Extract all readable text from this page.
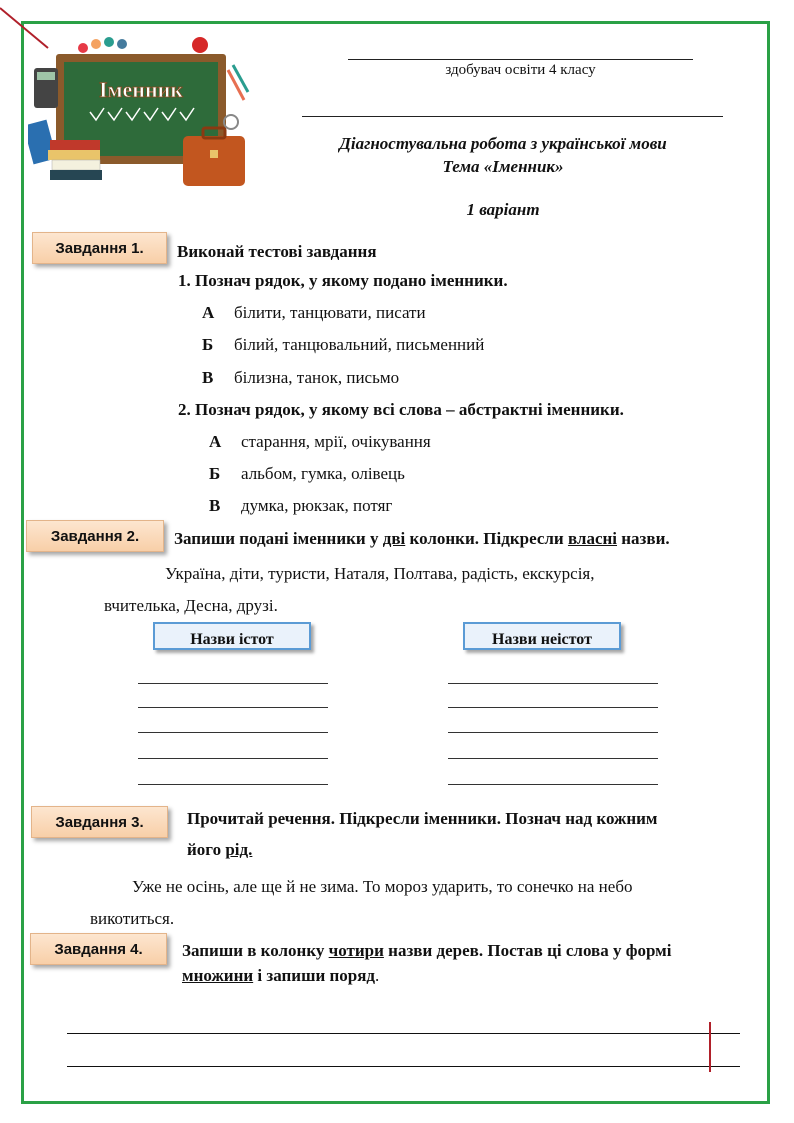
Іменник
здобувач освіти 4 класу
Діагностувальна робота з української мови
Тема «Іменник»
1 варіант
Завдання 1.	Виконай тестові завдання
1. Познач рядок, у якому подано іменники.
А білити, танцювати, писати
Б білий, танцювальний, письменний
В білизна, танок, письмо
2. Познач рядок, у якому всі слова – абстрактні іменники.
А старання, мрії, очікування
Б альбом, гумка, олівець
В думка, рюкзак, потяг
Завдання 2.	Запиши подані іменники у дві колонки. Підкресли власні назви.
Україна, діти, туристи, Наталя, Полтава, радість, екскурсія,
вчителька, Десна, друзі.
Назви істот	Назви неістот
Завдання 3.	Прочитай речення. Підкресли іменники. Познач над кожним
його рід.
Уже не осінь, але ще й не зима. То мороз ударить, то сонечко на небо
викотиться.
Завдання 4.	Запиши в колонку чотири назви дерев. Постав ці слова у формі
множини і запиши поряд.
